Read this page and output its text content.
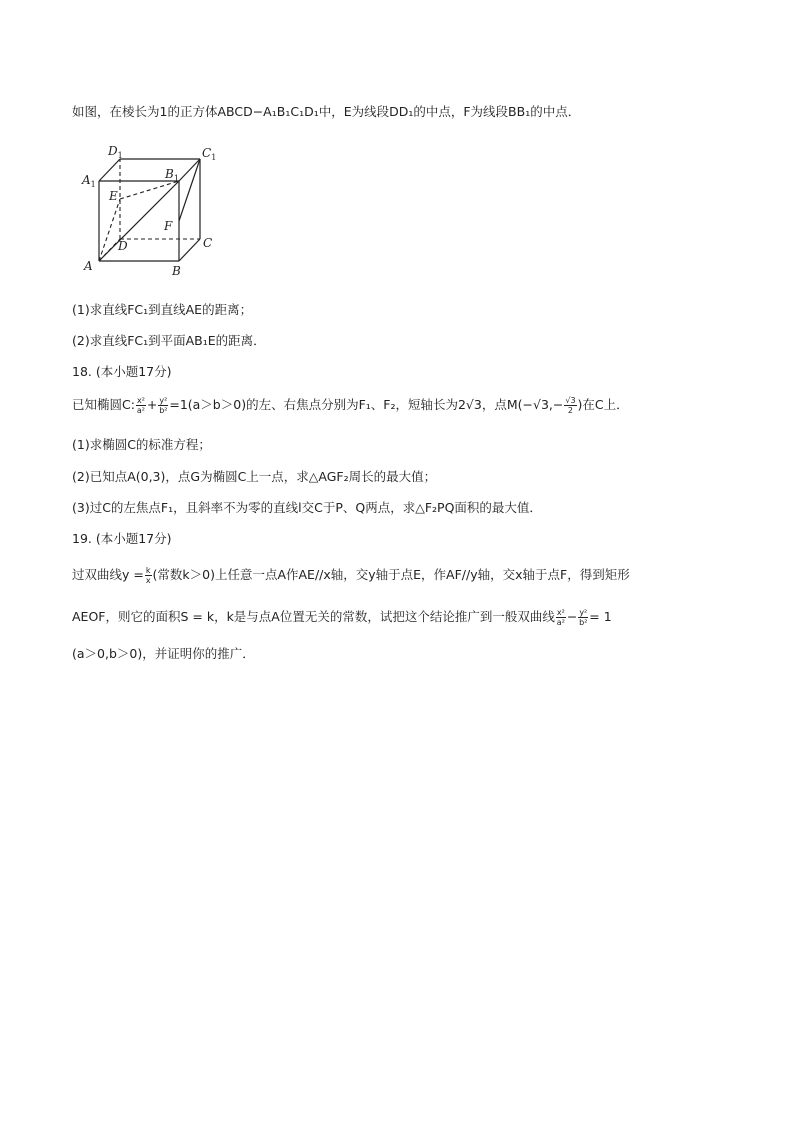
如图，在棱长为1的正方体ABCD−A₁B₁C₁D₁中，E为线段DD₁的中点，F为线段BB₁的中点．
$D_1$	$C_1$
$A_1$
$B_1$
E
F
D	C
A	B
(1)求直线FC₁到直线AE的距离；
(2)求直线FC₁到平面AB₁E的距离．
18. (本小题17分)
已知椭圆C: $\frac{\text{x²}}{\text{a²}} + \frac{\text{y²}}{\text{b²}} =1(a>b>0)$的左、右焦点分别为F₁、F₂，短轴长为2√3，点$M(-√3,- \frac{√3}{2}$ )在C上．
(1)求椭圆C的标准方程；
(2)已知点A(0,3)，点G为椭圆C上一点，求△AGF₂周长的最大值；
(3)过C的左焦点F₁，且斜率不为零的直线l交C于P、Q两点，求△F₂PQ面积的最大值．
19. (本小题17分)
过双曲线$y = \frac{k}{x}$ (常数k＞0)上任意一点A作AE//x轴，交y轴于点E，作AF//y轴，交x轴于点F，得到矩形
AEOF，则它的面积S = k，k是与点A位置无关的常数，试把这个结论推广到一般双曲线 $\frac{\text{x²}}{\text{a²}} - \frac{\text{y²}}{\text{b²}} = 1$
(a＞0,b＞0)，并证明你的推广．
